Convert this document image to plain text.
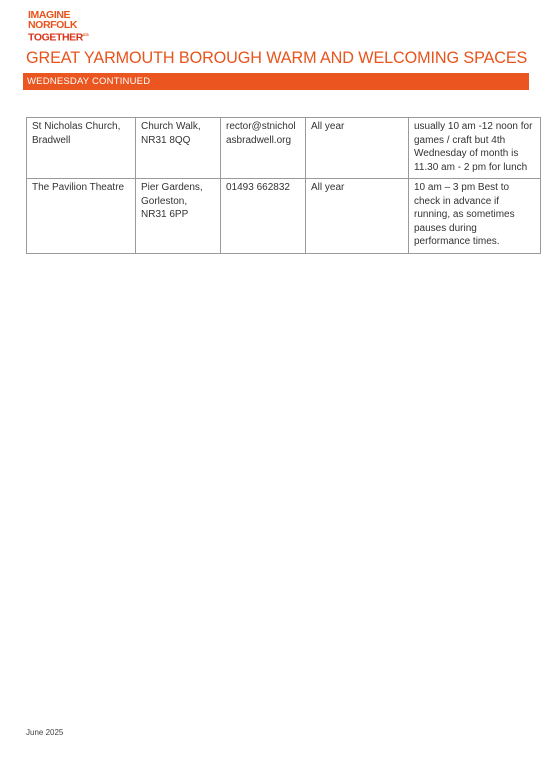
IMAGINE
NORFOLK
$TOGETHER^{ICS}$
GREAT YARMOUTH BOROUGH WARM AND WELCOMING SPACES
WEDNESDAY CONTINUED
St Nicholas Church, Bradwell	Church Walk, NR31 8QQ	rector@stnicholasbradwell.org	All year	usually 10 am -12 noon for games / craft but 4th Wednesday of month is 11.30 am - 2 pm for lunch
The Pavilion Theatre	Pier Gardens, Gorleston, NR31 6PP	01493 662832	All year	10 am – 3 pm Best to check in advance if running, as sometimes pauses during performance times.
June 2025
